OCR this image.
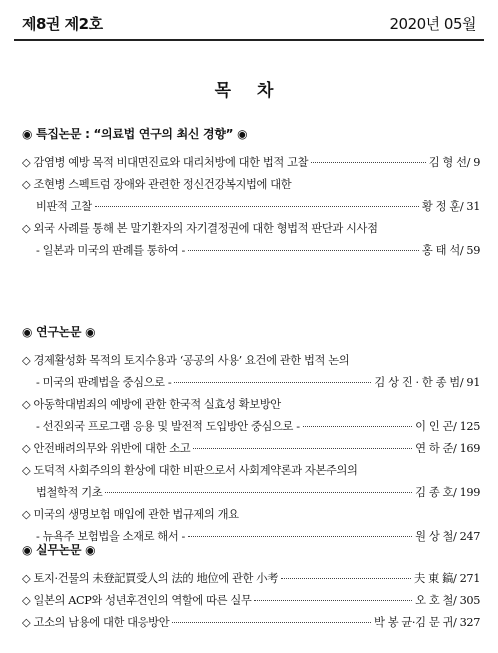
제8권 제2호	2020년 05월
목 차
◉ 특집논문 : “의료법 연구의 최신 경향” ◉
◇ 감염병 예방 목적 비대면진료와 대리처방에 대한 법적 고찰	김 형 선/ 9
◇ 조현병 스펙트럼 장애와 관련한 정신건강복지법에 대한
비판적 고찰	황 정 훈/ 31
◇ 외국 사례를 통해 본 말기환자의 자기결정권에 대한 형법적 판단과 시사점
- 일본과 미국의 판례를 통하여 -	홍 태 석/ 59
◉ 연구논문 ◉
◇ 경제활성화 목적의 토지수용과 ‘공공의 사용’ 요건에 관한 법적 논의
- 미국의 판례법을 중심으로 -	김 상 진 · 한 종 범/ 91
◇ 아동학대범죄의 예방에 관한 한국적 실효성 확보방안
- 선진외국 프로그램 응용 및 발전적 도입방안 중심으로 -	이 인 곤/ 125
◇ 안전배려의무와 위반에 대한 소고	연 하 준/ 169
◇ 도덕적 사회주의의 환상에 대한 비판으로서 사회계약론과 자본주의의
법철학적 기초	김 종 호/ 199
◇ 미국의 생명보험 매입에 관한 법규제의 개요
- 뉴욕주 보험법을 소재로 해서 -	원 상 철/ 247
◉ 실무논문 ◉
◇ 토지·건물의 未登記買受人의 法的 地位에 관한 小考	夫 東 鎬/ 271
◇ 일본의 ACP와 성년후견인의 역할에 따른 실무	오 호 철/ 305
◇ 고소의 남용에 대한 대응방안	박 봉 균·김 문 귀/ 327
